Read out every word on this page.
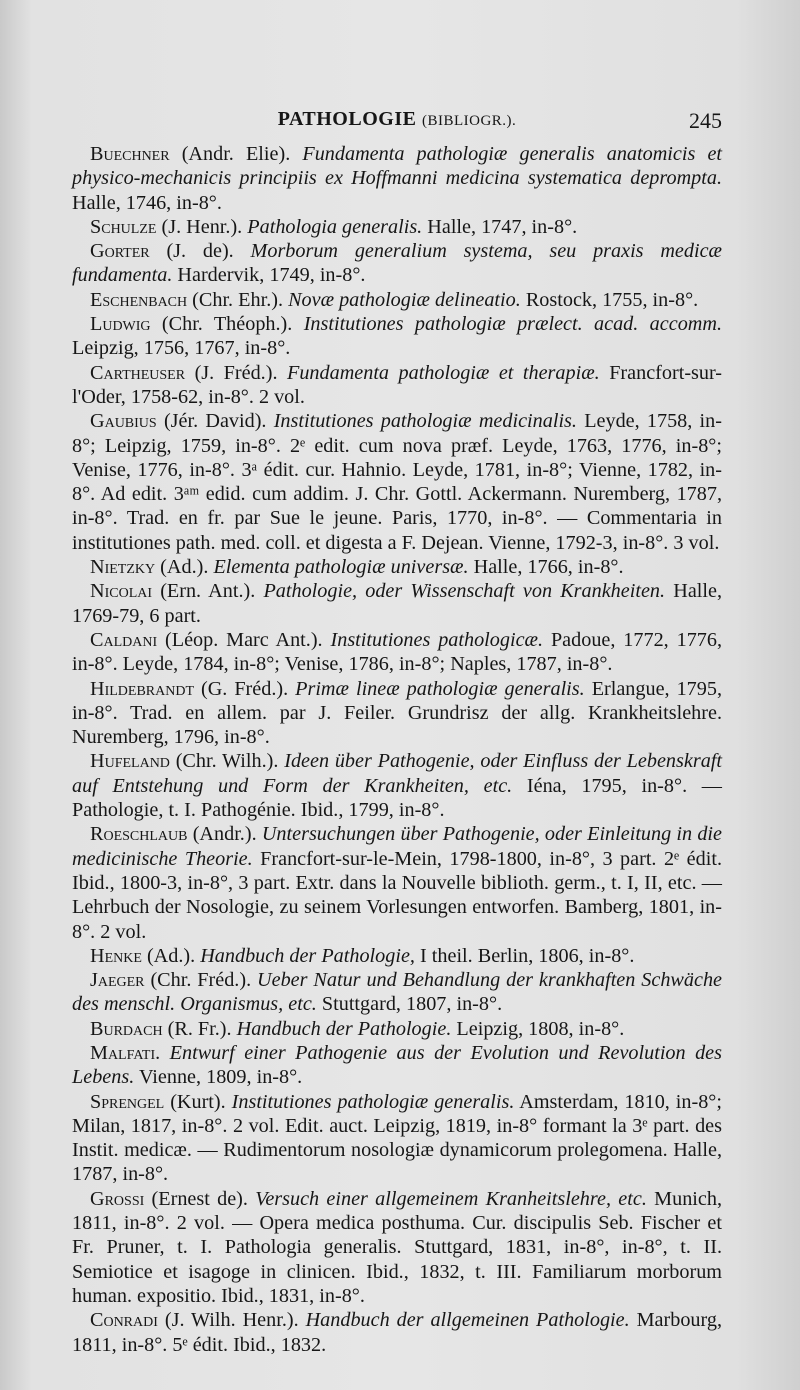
PATHOLOGIE (BIBLIOGR.).	245

Buechner (Andr. Elie). Fundamenta pathologiæ generalis anatomicis et physico-mechanicis principiis ex Hoffmanni medicina systematica deprompta. Halle, 1746, in-8°.

Schulze (J. Henr.). Pathologia generalis. Halle, 1747, in-8°.

Gorter (J. de). Morborum generalium systema, seu praxis medicæ fundamenta. Hardervik, 1749, in-8°.

Eschenbach (Chr. Ehr.). Novæ pathologiæ delineatio. Rostock, 1755, in-8°.

Ludwig (Chr. Théoph.). Institutiones pathologiæ prælect. acad. accomm. Leipzig, 1756, 1767, in-8°.

Cartheuser (J. Fréd.). Fundamenta pathologiæ et therapiæ. Francfort-sur-l'Oder, 1758-62, in-8°. 2 vol.

Gaubius (Jér. David). Institutiones pathologiæ medicinalis. Leyde, 1758, in-8°; Leipzig, 1759, in-8°. 2ᵉ edit. cum nova præf. Leyde, 1763, 1776, in-8°; Venise, 1776, in-8°. 3ᵃ édit. cur. Hahnio. Leyde, 1781, in-8°; Vienne, 1782, in-8°. Ad edit. 3ᵃᵐ edid. cum addim. J. Chr. Gottl. Ackermann. Nuremberg, 1787, in-8°. Trad. en fr. par Sue le jeune. Paris, 1770, in-8°. — Commentaria in institutiones path. med. coll. et digesta a F. Dejean. Vienne, 1792-3, in-8°. 3 vol.

Nietzky (Ad.). Elementa pathologiæ universæ. Halle, 1766, in-8°.

Nicolai (Ern. Ant.). Pathologie, oder Wissenschaft von Krankheiten. Halle, 1769-79, 6 part.

Caldani (Léop. Marc Ant.). Institutiones pathologicæ. Padoue, 1772, 1776, in-8°. Leyde, 1784, in-8°; Venise, 1786, in-8°; Naples, 1787, in-8°.

Hildebrandt (G. Fréd.). Primæ lineæ pathologiæ generalis. Erlangue, 1795, in-8°. Trad. en allem. par J. Feiler. Grundrisz der allg. Krankheitslehre. Nuremberg, 1796, in-8°.

Hufeland (Chr. Wilh.). Ideen über Pathogenie, oder Einfluss der Lebenskraft auf Entstehung und Form der Krankheiten, etc. Iéna, 1795, in-8°. — Pathologie, t. I. Pathogénie. Ibid., 1799, in-8°.

Roeschlaub (Andr.). Untersuchungen über Pathogenie, oder Einleitung in die medicinische Theorie. Francfort-sur-le-Mein, 1798-1800, in-8°, 3 part. 2ᵉ édit. Ibid., 1800-3, in-8°, 3 part. Extr. dans la Nouvelle biblioth. germ., t. I, II, etc. — Lehrbuch der Nosologie, zu seinem Vorlesungen entworfen. Bamberg, 1801, in-8°. 2 vol.

Henke (Ad.). Handbuch der Pathologie, I theil. Berlin, 1806, in-8°.

Jaeger (Chr. Fréd.). Ueber Natur und Behandlung der krankhaften Schwäche des menschl. Organismus, etc. Stuttgard, 1807, in-8°.

Burdach (R. Fr.). Handbuch der Pathologie. Leipzig, 1808, in-8°.

Malfati. Entwurf einer Pathogenie aus der Evolution und Revolution des Lebens. Vienne, 1809, in-8°.

Sprengel (Kurt). Institutiones pathologiæ generalis. Amsterdam, 1810, in-8°; Milan, 1817, in-8°. 2 vol. Edit. auct. Leipzig, 1819, in-8° formant la 3ᵉ part. des Instit. medicæ. — Rudimentorum nosologiæ dynamicorum prolegomena. Halle, 1787, in-8°.

Grossi (Ernest de). Versuch einer allgemeinem Kranheitslehre, etc. Munich, 1811, in-8°. 2 vol. — Opera medica posthuma. Cur. discipulis Seb. Fischer et Fr. Pruner, t. I. Pathologia generalis. Stuttgard, 1831, in-8°, in-8°, t. II. Semiotice et isagoge in clinicen. Ibid., 1832, t. III. Familiarum morborum human. expositio. Ibid., 1831, in-8°.

Conradi (J. Wilh. Henr.). Handbuch der allgemeinen Pathologie. Marbourg, 1811, in-8°. 5ᵉ édit. Ibid., 1832.
